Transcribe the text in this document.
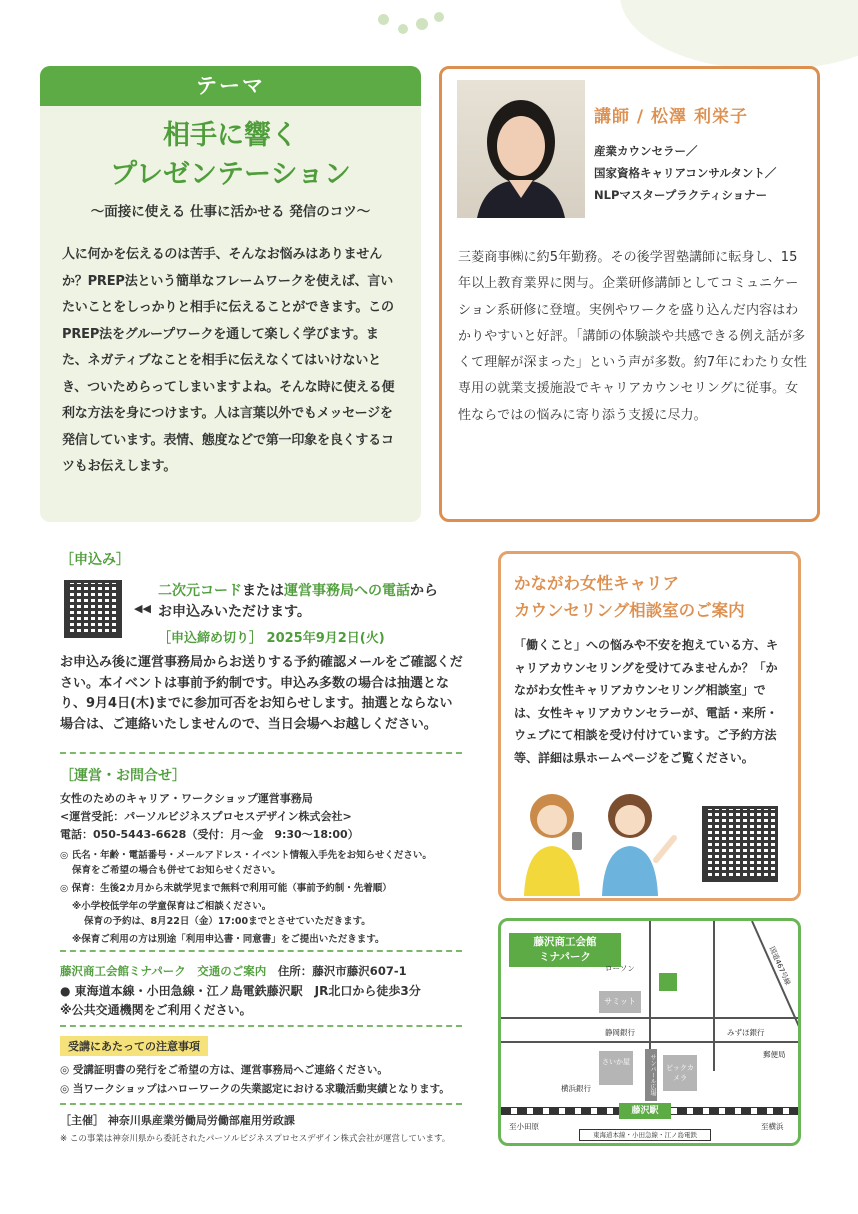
テーマ
相手に響く
プレゼンテーション
〜面接に使える 仕事に活かせる 発信のコツ〜
人に何かを伝えるのは苦手、そんなお悩みはありませんか？PREP法という簡単なフレームワークを使えば、言いたいことをしっかりと相手に伝えることができます。このPREP法をグループワークを通して楽しく学びます。また、ネガティブなことを相手に伝えなくてはいけないとき、ついためらってしまいますよね。そんな時に使える便利な方法を身につけます。人は言葉以外でもメッセージを発信しています。表情、態度などで第一印象を良くするコツもお伝えします。
講師 / 松澤 利栄子
産業カウンセラー／
国家資格キャリアコンサルタント／
NLPマスタープラクティショナー
三菱商事㈱に約5年勤務。その後学習塾講師に転身し、15年以上教育業界に関与。企業研修講師としてコミュニケーション系研修に登壇。実例やワークを盛り込んだ内容はわかりやすいと好評。「講師の体験談や共感できる例え話が多くて理解が深まった」という声が多数。約7年にわたり女性専用の就業支援施設でキャリアカウンセリングに従事。女性ならではの悩みに寄り添う支援に尽力。
［申込み］
◀◀
二次元コードまたは運営事務局への電話から
お申込みいただけます。
［申込締め切り］ 2025年9月2日(火)
お申込み後に運営事務局からお送りする予約確認メールをご確認ください。本イベントは事前予約制です。申込み多数の場合は抽選となり、9月4日(木)までに参加可否をお知らせします。抽選とならない場合は、ご連絡いたしませんので、当日会場へお越しください。
［運営・お問合せ］
女性のためのキャリア・ワークショップ運営事務局
<運営受託：パーソルビジネスプロセスデザイン株式会社>
電話：050-5443-6628（受付：月〜金　9:30〜18:00）
◎ 氏名・年齢・電話番号・メールアドレス・イベント情報入手先をお知らせください。
保育をご希望の場合も併せてお知らせください。
◎ 保育：生後2カ月から未就学児まで無料で利用可能（事前予約制・先着順）
※小学校低学年の学童保育はご相談ください。
保育の予約は、8月22日（金）17:00までとさせていただきます。
※保育ご利用の方は別途「利用申込書・同意書」をご提出いただきます。
藤沢商工会館ミナパーク　交通のご案内　 住所：藤沢市藤沢607-1
● 東海道本線・小田急線・江ノ島電鉄藤沢駅　JR北口から徒歩3分
※公共交通機関をご利用ください。
受講にあたっての注意事項
◎ 受講証明書の発行をご希望の方は、運営事務局へご連絡ください。
◎ 当ワークショップはハローワークの失業認定における求職活動実績となります。
［主催］ 神奈川県産業労働局労働部雇用労政課
※ この事業は神奈川県から委託されたパーソルビジネスプロセスデザイン株式会社が運営しています。
かながわ女性キャリア
カウンセリング相談室のご案内
「働くこと」への悩みや不安を抱えている方、キャリアカウンセリングを受けてみませんか？「かながわ女性キャリアカウンセリング相談室」では、女性キャリアカウンセラーが、電話・来所・ウェブにて相談を受け付けています。ご予約方法等、詳細は県ホームページをご覧ください。
藤沢商工会館
ミナパーク
ローソン
サミット
静岡銀行	みずほ銀行
国道467号線
郵便局
さいか屋	サンパール広場	ビックカメラ
横浜銀行
藤沢駅
至小田原	至横浜
東海道本線・小田急線・江ノ島電鉄
